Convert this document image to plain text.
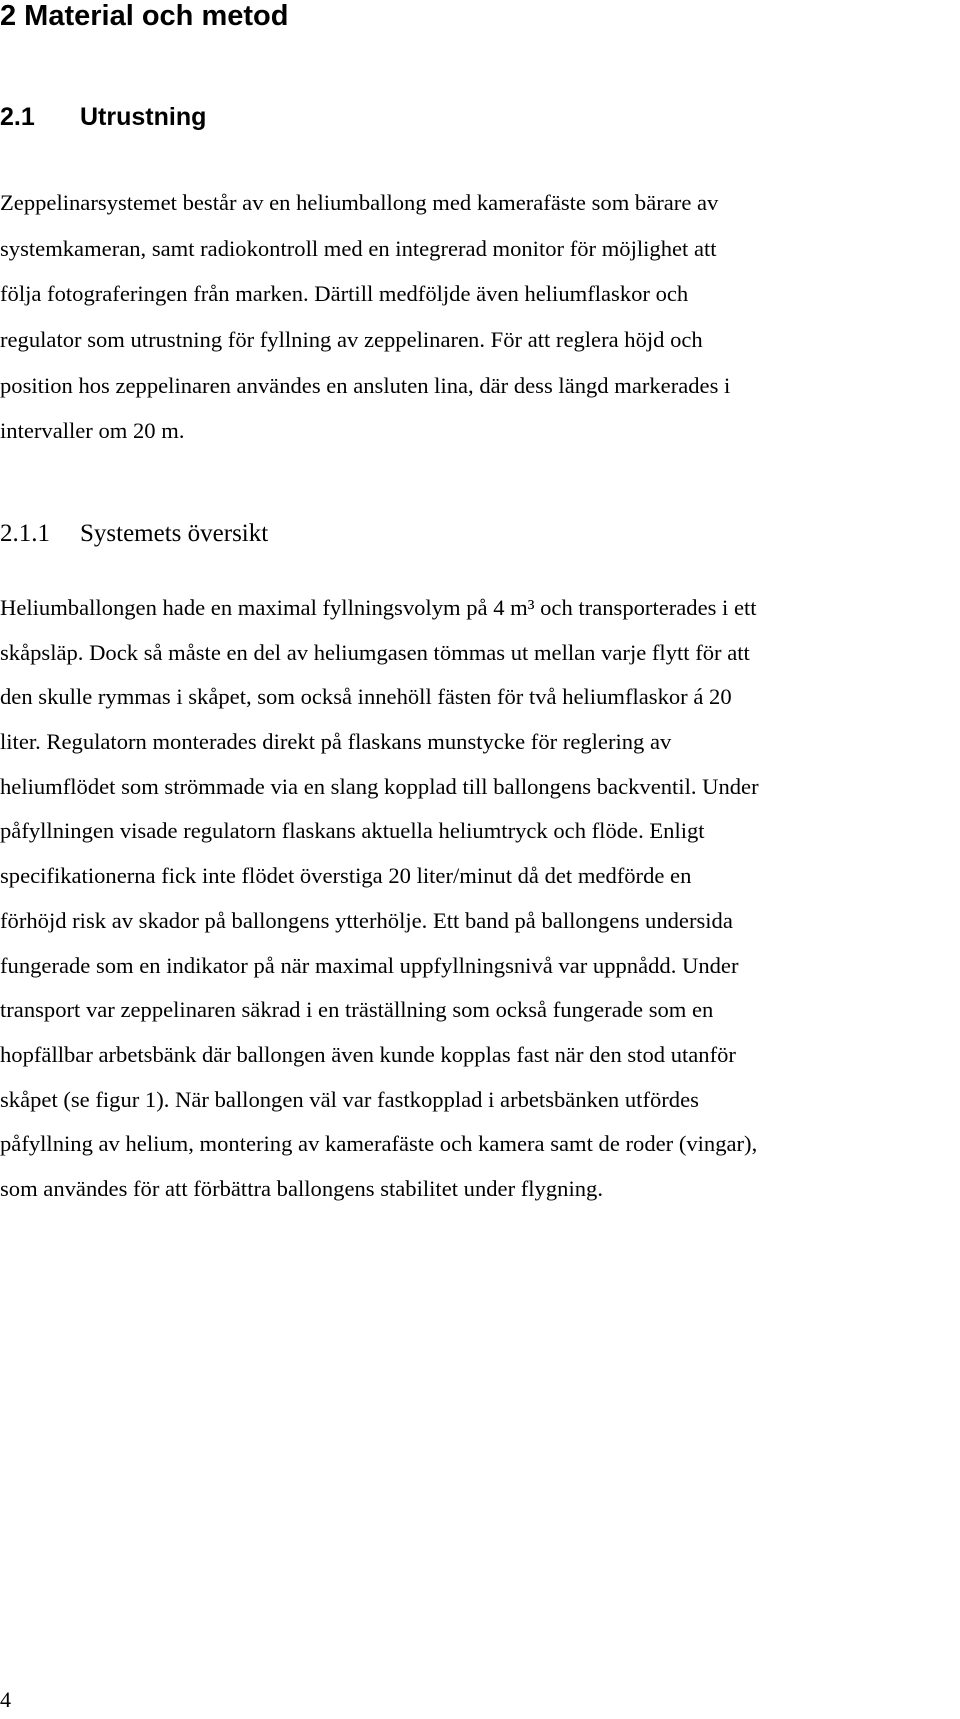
2 Material och metod
2.1 Utrustning
Zeppelinarsystemet består av en heliumballong med kamerafäste som bärare av
systemkameran, samt radiokontroll med en integrerad monitor för möjlighet att
följa fotograferingen från marken. Därtill medföljde även heliumflaskor och
regulator som utrustning för fyllning av zeppelinaren. För att reglera höjd och
position hos zeppelinaren användes en ansluten lina, där dess längd markerades i
intervaller om 20 m.
2.1.1 Systemets översikt
Heliumballongen hade en maximal fyllningsvolym på 4 m³ och transporterades i ett
skåpsläp. Dock så måste en del av heliumgasen tömmas ut mellan varje flytt för att
den skulle rymmas i skåpet, som också innehöll fästen för två heliumflaskor á 20
liter. Regulatorn monterades direkt på flaskans munstycke för reglering av
heliumflödet som strömmade via en slang kopplad till ballongens backventil. Under
påfyllningen visade regulatorn flaskans aktuella heliumtryck och flöde. Enligt
specifikationerna fick inte flödet överstiga 20 liter/minut då det medförde en
förhöjd risk av skador på ballongens ytterhölje. Ett band på ballongens undersida
fungerade som en indikator på när maximal uppfyllningsnivå var uppnådd. Under
transport var zeppelinaren säkrad i en träställning som också fungerade som en
hopfällbar arbetsbänk där ballongen även kunde kopplas fast när den stod utanför
skåpet (se figur 1). När ballongen väl var fastkopplad i arbetsbänken utfördes
påfyllning av helium, montering av kamerafäste och kamera samt de roder (vingar),
som användes för att förbättra ballongens stabilitet under flygning.
4
